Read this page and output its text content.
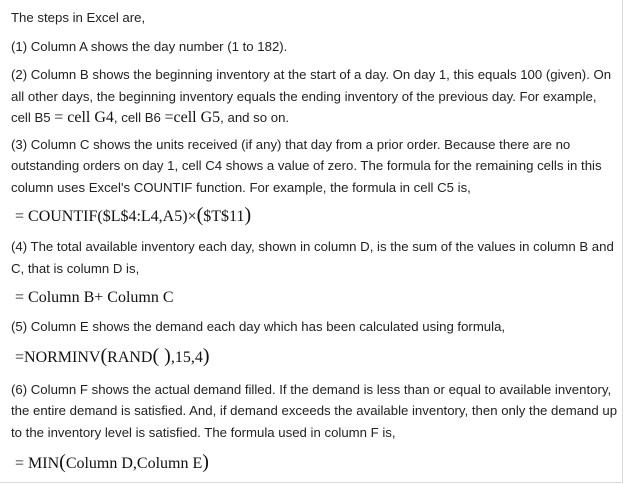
The steps in Excel are,

(1) Column A shows the day number (1 to 182).

(2) Column B shows the beginning inventory at the start of a day. On day 1, this equals 100 (given). On all other days, the beginning inventory equals the ending inventory of the previous day. For example, cell B5 = cell G4, cell B6 =cell G5, and so on.

(3) Column C shows the units received (if any) that day from a prior order. Because there are no outstanding orders on day 1, cell C4 shows a value of zero. The formula for the remaining cells in this column uses Excel's COUNTIF function. For example, the formula in cell C5 is,

= COUNTIF($L$4:L4,A5)×($T$11)

(4) The total available inventory each day, shown in column D, is the sum of the values in column B and C, that is column D is,

= Column B+ Column C

(5) Column E shows the demand each day which has been calculated using formula,

=NORMINV(RAND( ),15,4)

(6) Column F shows the actual demand filled. If the demand is less than or equal to available inventory, the entire demand is satisfied. And, if demand exceeds the available inventory, then only the demand up to the inventory level is satisfied. The formula used in column F is,

= MIN(Column D,Column E)
